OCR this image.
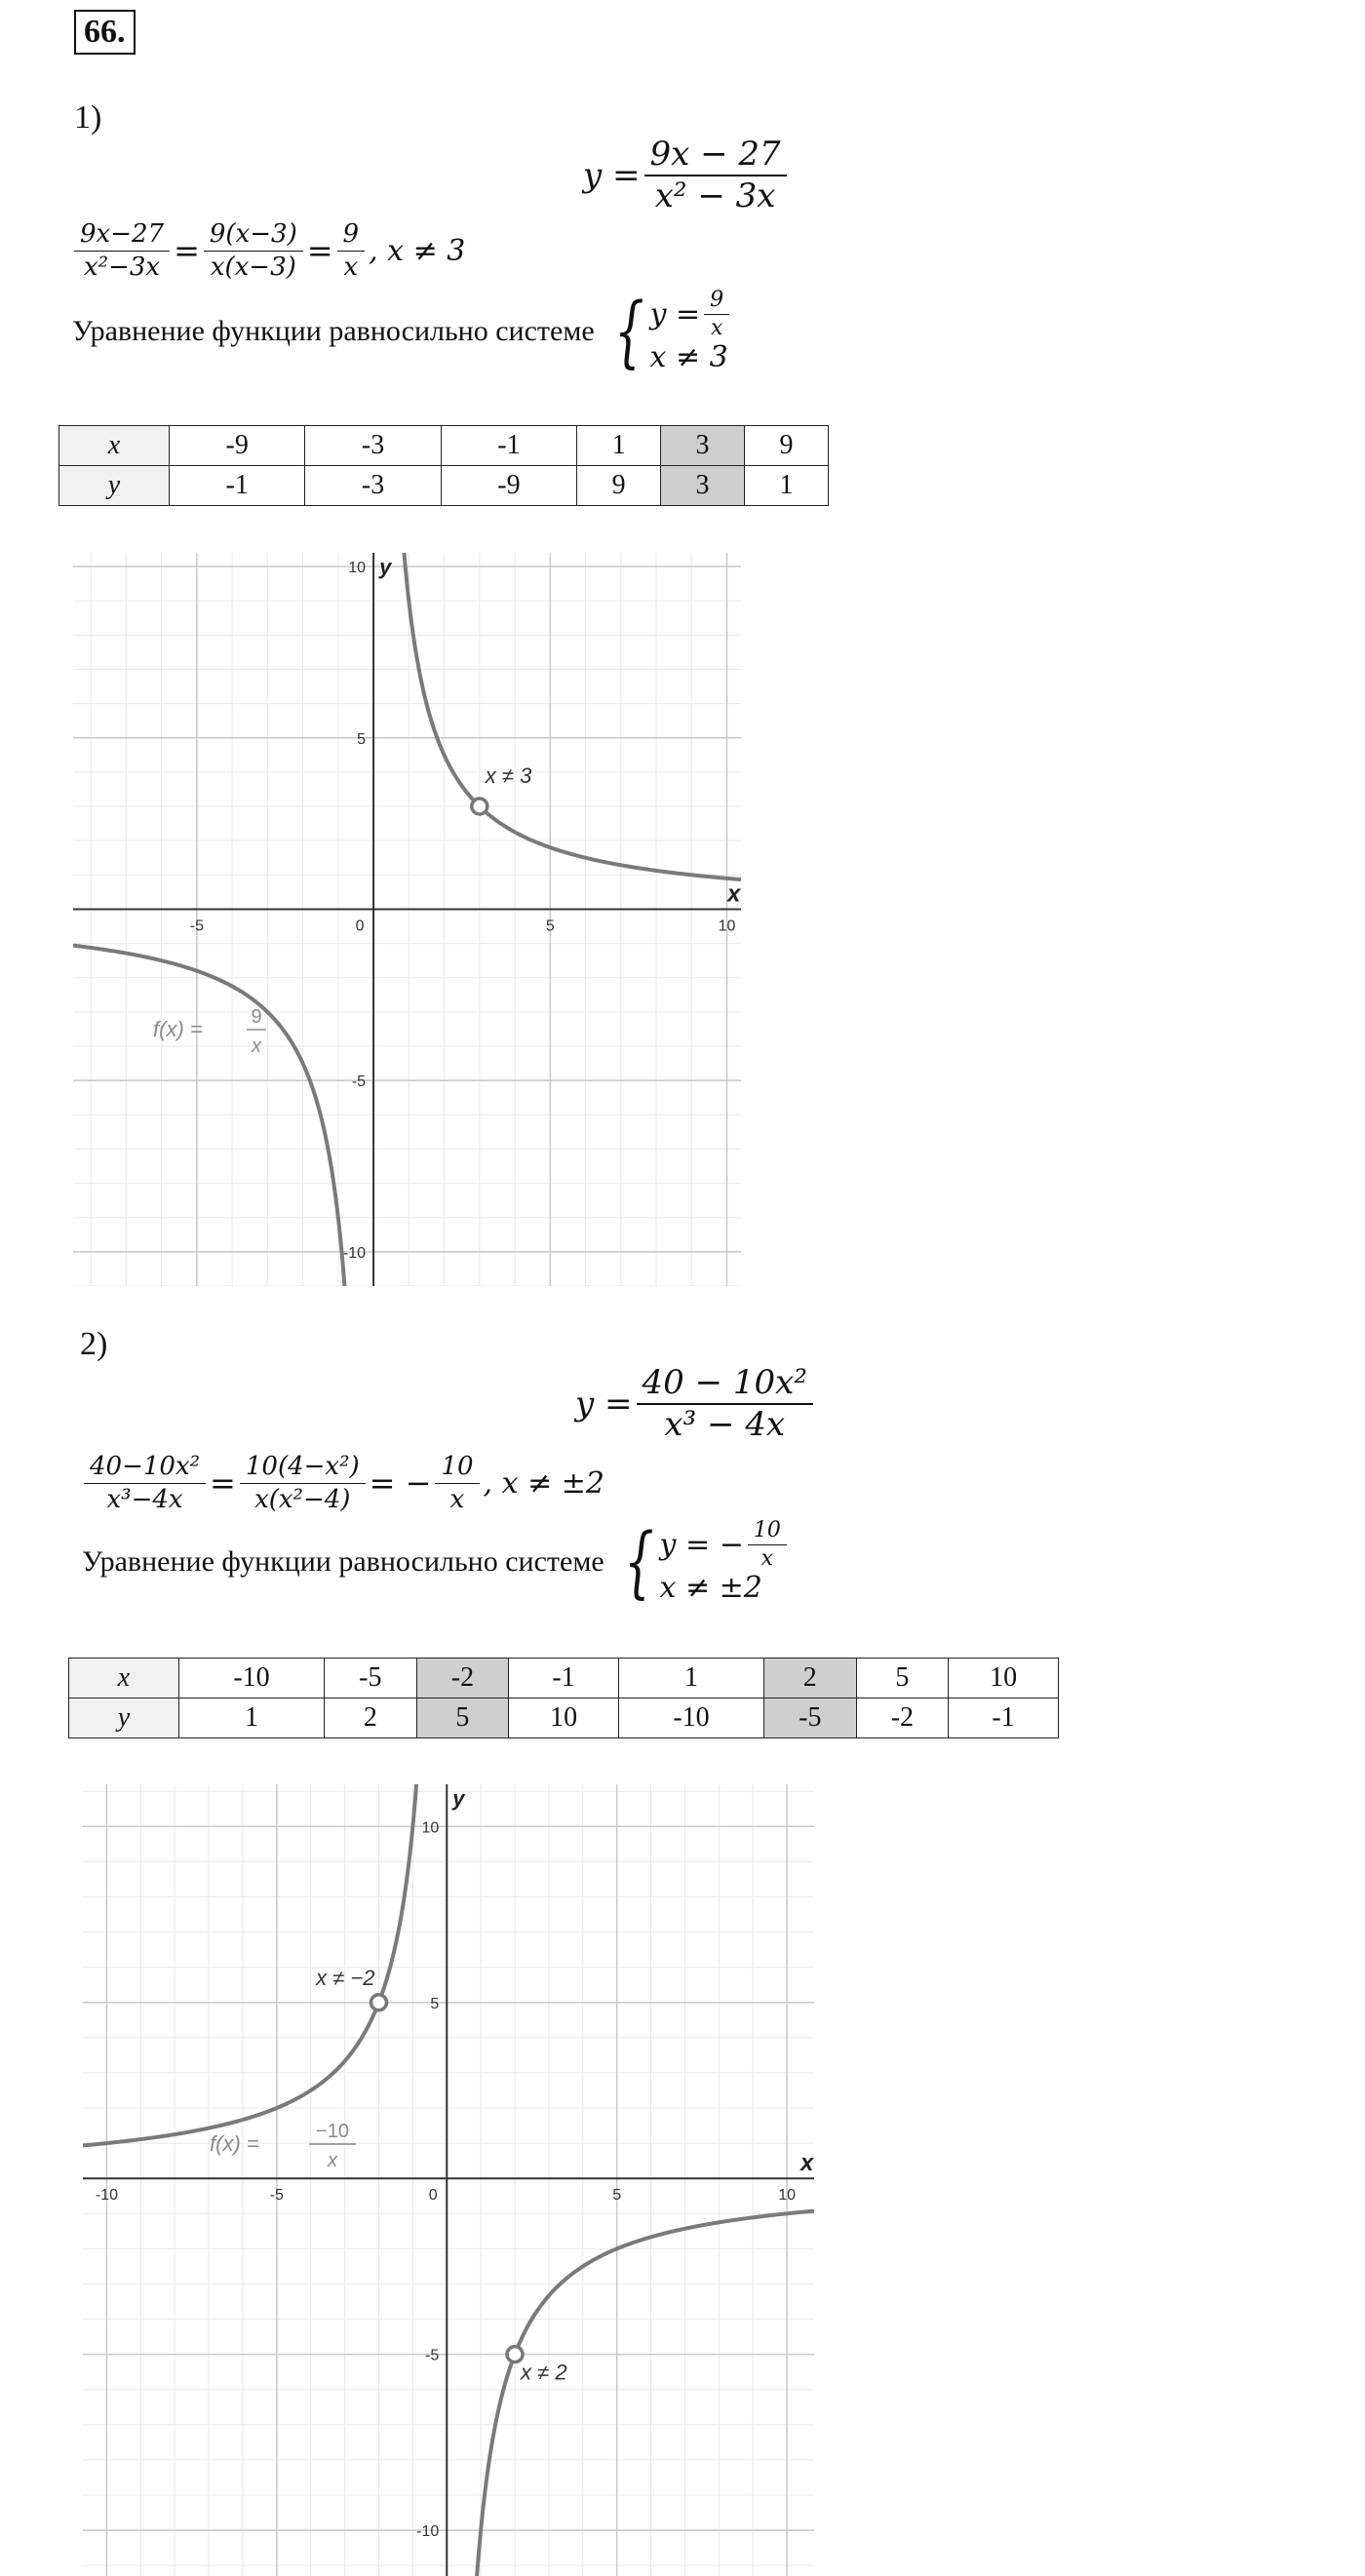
66.
1)
$y = \frac{9x - 27}{\text{x² − 3x}}$
$\frac{9x-27}{\text{x²−3x}} = \frac{9(x-3)}{x(x-3)} = \frac{9}{x}$ , x ≠ 3
Уравнение функции равносильно системе { $y = \frac{9}{x}$
x ≠ 3
x	-9	-3	-1	1	3	9
y	-1	-3	-9	9	3	1
-5	0	5	10
10
5
-5
-10
x
y
x ≠ 3
f(x) = 9
x
2)
$y = \frac{\text{40 − 10x²}}{\text{x³ − 4x}}$
$\frac{\text{40−10x²}}{\text{x³−4x}} = \frac{\text{10(4−x²)}}{\text{x(x²−4)}}$ = − $\frac{10}{x}$ , x ≠ ±2
Уравнение функции равносильно системе { y = − $\frac{10}{x}$
x ≠ ±2
x	-10	-5	-2	-1	1	2	5	10
y	1	2	5	10	-10	-5	-2	-1
-10	-5	0	5	10
10
5
-5
-10
x
y
x ≠ −2
x ≠ 2
f(x) =	−10
x
